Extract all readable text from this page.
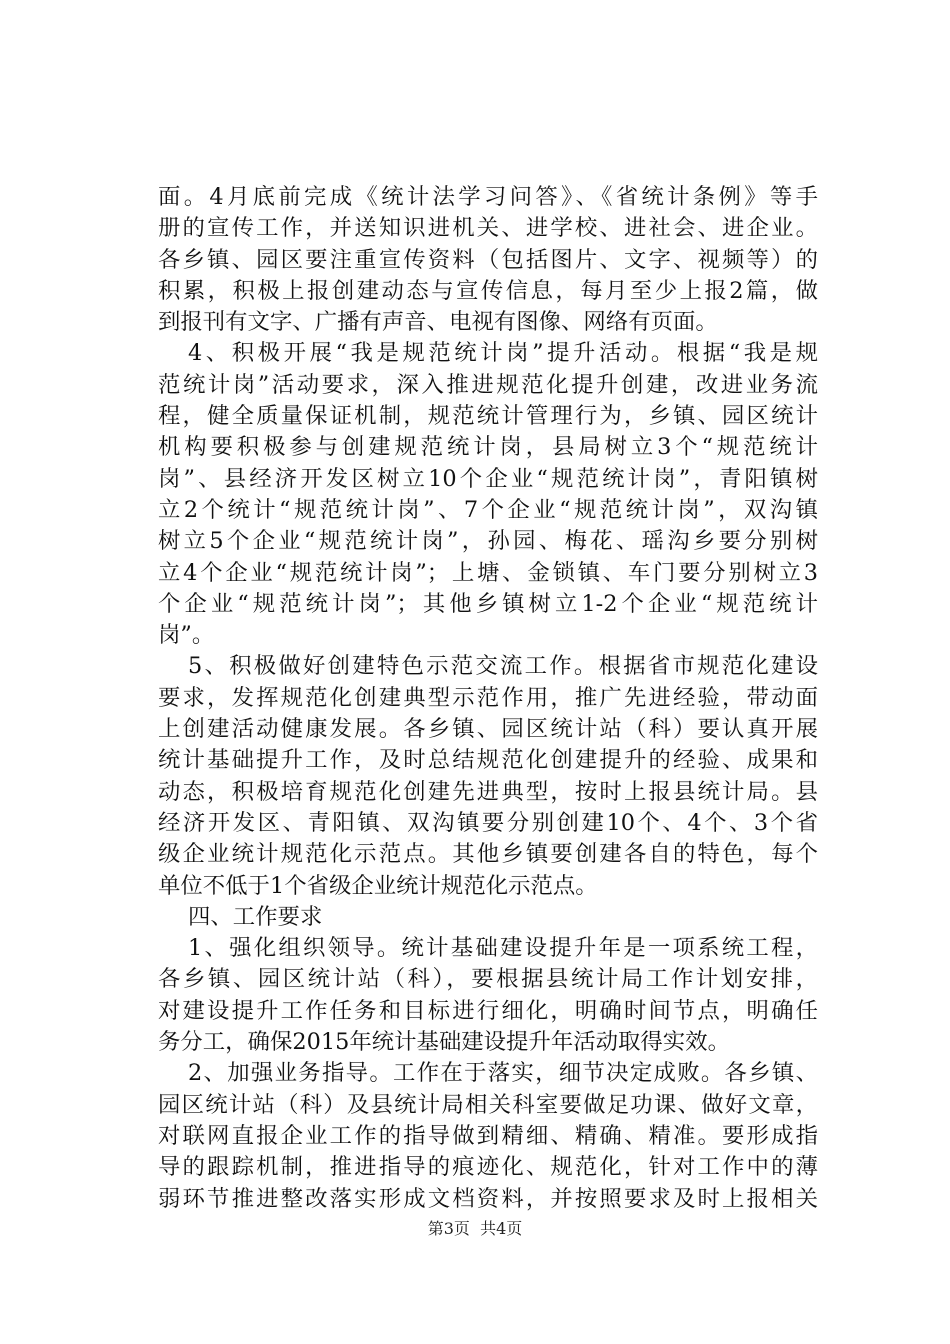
面。4月底前完成《统计法学习问答》、《省统计条例》等手
册的宣传工作，并送知识进机关、进学校、进社会、进企业。
各乡镇、园区要注重宣传资料（包括图片、文字、视频等）的
积累，积极上报创建动态与宣传信息，每月至少上报2篇，做
到报刊有文字、广播有声音、电视有图像、网络有页面。
4、积极开展“我是规范统计岗”提升活动。根据“我是规
范统计岗”活动要求，深入推进规范化提升创建，改进业务流
程，健全质量保证机制，规范统计管理行为，乡镇、园区统计
机构要积极参与创建规范统计岗，县局树立3个“规范统计
岗”、县经济开发区树立10个企业“规范统计岗”，青阳镇树
立2个统计“规范统计岗”、7个企业“规范统计岗”，双沟镇
树立5个企业“规范统计岗”，孙园、梅花、瑶沟乡要分别树
立4个企业“规范统计岗”；上塘、金锁镇、车门要分别树立3
个企业“规范统计岗”；其他乡镇树立1-2个企业“规范统计
岗”。
5、积极做好创建特色示范交流工作。根据省市规范化建设
要求，发挥规范化创建典型示范作用，推广先进经验，带动面
上创建活动健康发展。各乡镇、园区统计站（科）要认真开展
统计基础提升工作，及时总结规范化创建提升的经验、成果和
动态，积极培育规范化创建先进典型，按时上报县统计局。县
经济开发区、青阳镇、双沟镇要分别创建10个、4个、3个省
级企业统计规范化示范点。其他乡镇要创建各自的特色，每个
单位不低于1个省级企业统计规范化示范点。
四、工作要求
1、强化组织领导。统计基础建设提升年是一项系统工程，
各乡镇、园区统计站（科），要根据县统计局工作计划安排，
对建设提升工作任务和目标进行细化，明确时间节点，明确任
务分工，确保2015年统计基础建设提升年活动取得实效。
2、加强业务指导。工作在于落实，细节决定成败。各乡镇、
园区统计站（科）及县统计局相关科室要做足功课、做好文章，
对联网直报企业工作的指导做到精细、精确、精准。要形成指
导的跟踪机制，推进指导的痕迹化、规范化，针对工作中的薄
弱环节推进整改落实形成文档资料，并按照要求及时上报相关
第3页  共4页
